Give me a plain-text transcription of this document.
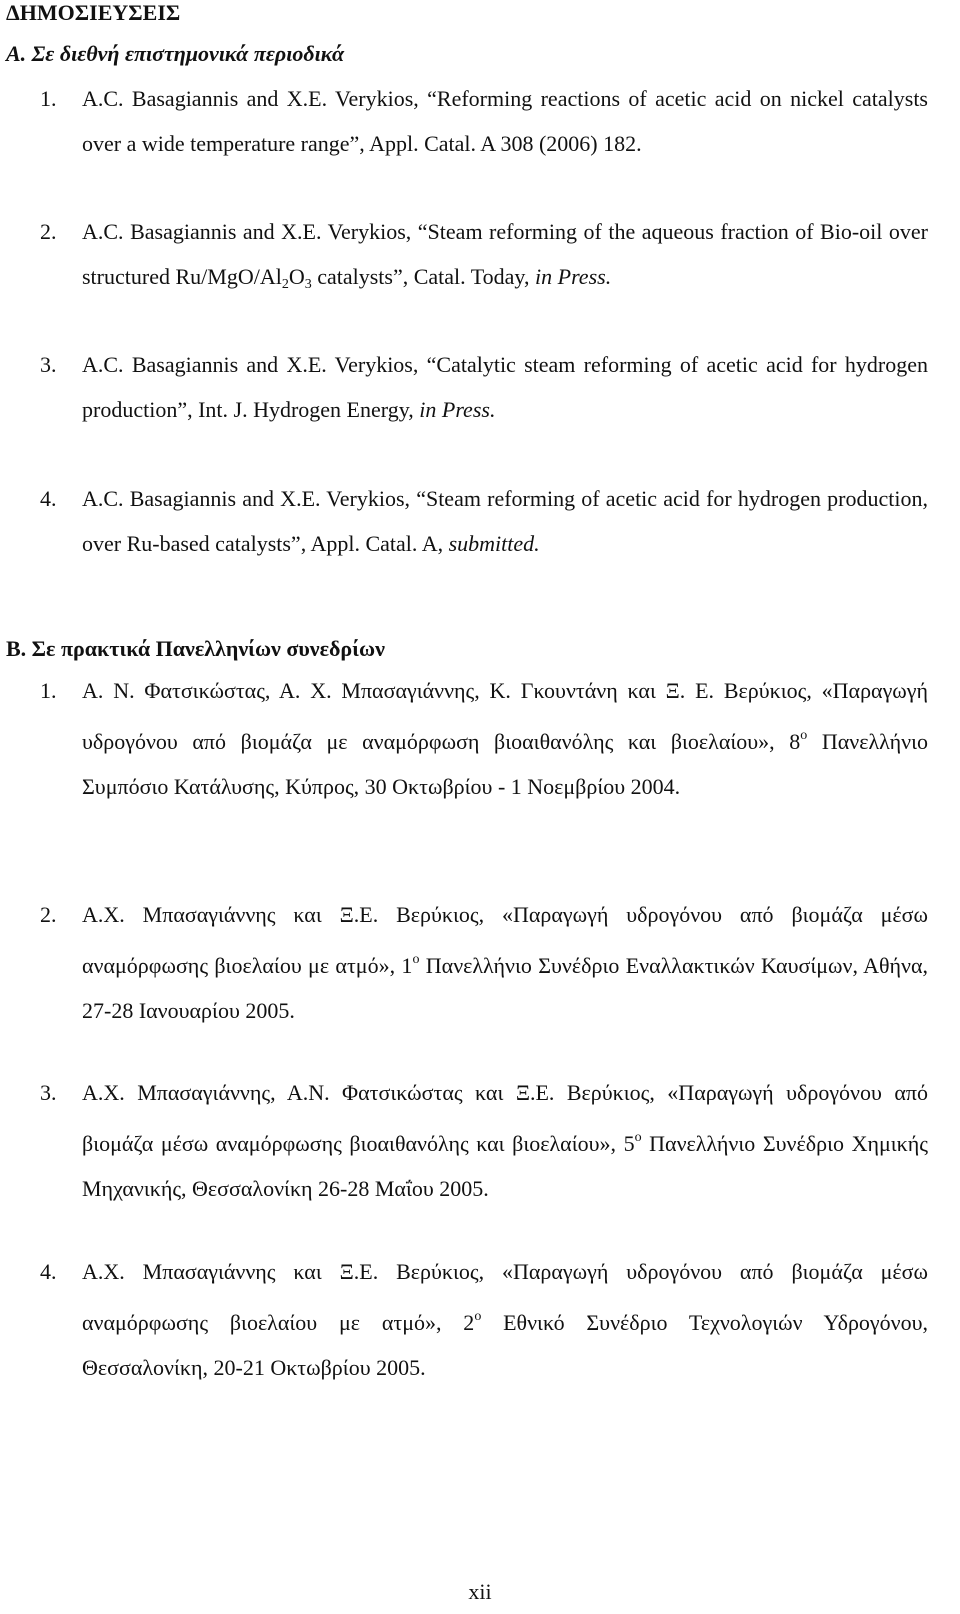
ΔΗΜΟΣΙΕΥΣΕΙΣ
Α. Σε διεθνή επιστημονικά περιοδικά
1. A.C. Basagiannis and X.E. Verykios, “Reforming reactions of acetic acid on nickel catalysts over a wide temperature range”, Appl. Catal. A 308 (2006) 182.
2. A.C. Basagiannis and X.E. Verykios, “Steam reforming of the aqueous fraction of Bio-oil over structured $Ru/MgO/Al_2O_3$ catalysts”, Catal. Today, in Press.
3. A.C. Basagiannis and X.E. Verykios, “Catalytic steam reforming of acetic acid for hydrogen production”, Int. J. Hydrogen Energy, in Press.
4. A.C. Basagiannis and X.E. Verykios, “Steam reforming of acetic acid for hydrogen production, over Ru-based catalysts”, Appl. Catal. A, submitted.
Β. Σε πρακτικά Πανελληνίων συνεδρίων
1. Α. Ν. Φατσικώστας, Α. Χ. Μπασαγιάννης, Κ. Γκουντάνη και Ξ. Ε. Βερύκιος, «Παραγωγή υδρογόνου από βιομάζα με αναμόρφωση βιοαιθανόλης και βιοελαίου», $8^o$ Πανελλήνιο Συμπόσιο Κατάλυσης, Κύπρος, 30 Οκτωβρίου - 1 Νοεμβρίου 2004.
2. Α.Χ. Μπασαγιάννης και Ξ.Ε. Βερύκιος, «Παραγωγή υδρογόνου από βιομάζα μέσω αναμόρφωσης βιοελαίου με ατμό», $1^o$ Πανελλήνιο Συνέδριο Εναλλακτικών Καυσίμων, Αθήνα, 27-28 Ιανουαρίου 2005.
3. Α.Χ. Μπασαγιάννης, Α.Ν. Φατσικώστας και Ξ.Ε. Βερύκιος, «Παραγωγή υδρογόνου από βιομάζα μέσω αναμόρφωσης βιοαιθανόλης και βιοελαίου», $5^o$ Πανελλήνιο Συνέδριο Χημικής Μηχανικής, Θεσσαλονίκη 26-28 Μαΐου 2005.
4. Α.Χ. Μπασαγιάννης και Ξ.Ε. Βερύκιος, «Παραγωγή υδρογόνου από βιομάζα μέσω αναμόρφωσης βιοελαίου με ατμό», $2^o$ Εθνικό Συνέδριο Τεχνολογιών Υδρογόνου, Θεσσαλονίκη, 20-21 Οκτωβρίου 2005.
xii
